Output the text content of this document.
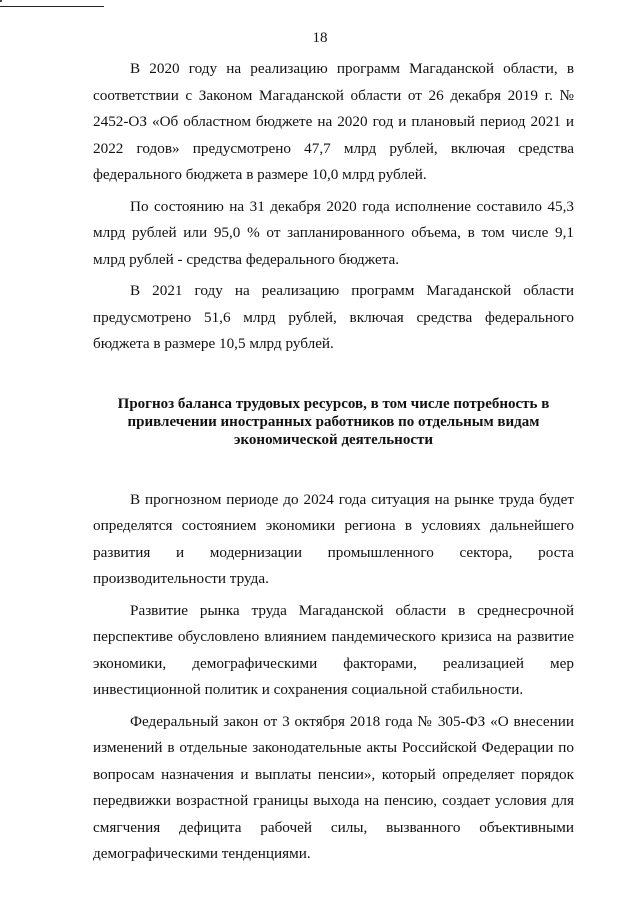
18

В 2020 году на реализацию программ Магаданской области, в соответствии с Законом Магаданской области от 26 декабря 2019 г. № 2452-ОЗ «Об областном бюджете на 2020 год и плановый период 2021 и 2022 годов» предусмотрено 47,7 млрд рублей, включая средства федерального бюджета в размере 10,0 млрд рублей.

По состоянию на 31 декабря 2020 года исполнение составило 45,3 млрд рублей или 95,0 % от запланированного объема, в том числе 9,1 млрд рублей - средства федерального бюджета.

В 2021 году на реализацию программ Магаданской области предусмотрено 51,6 млрд рублей, включая средства федерального бюджета в размере 10,5 млрд рублей.

Прогноз баланса трудовых ресурсов, в том числе потребность в привлечении иностранных работников по отдельным видам экономической деятельности

В прогнозном периоде до 2024 года ситуация на рынке труда будет определятся состоянием экономики региона в условиях дальнейшего развития и модернизации промышленного сектора, роста производительности труда.

Развитие рынка труда Магаданской области в среднесрочной перспективе обусловлено влиянием пандемического кризиса на развитие экономики, демографическими факторами, реализацией мер инвестиционной политик и сохранения социальной стабильности.

Федеральный закон от 3 октября 2018 года № 305-ФЗ «О внесении изменений в отдельные законодательные акты Российской Федерации по вопросам назначения и выплаты пенсии», который определяет порядок передвижки возрастной границы выхода на пенсию, создает условия для смягчения дефицита рабочей силы, вызванного объективными демографическими тенденциями.
